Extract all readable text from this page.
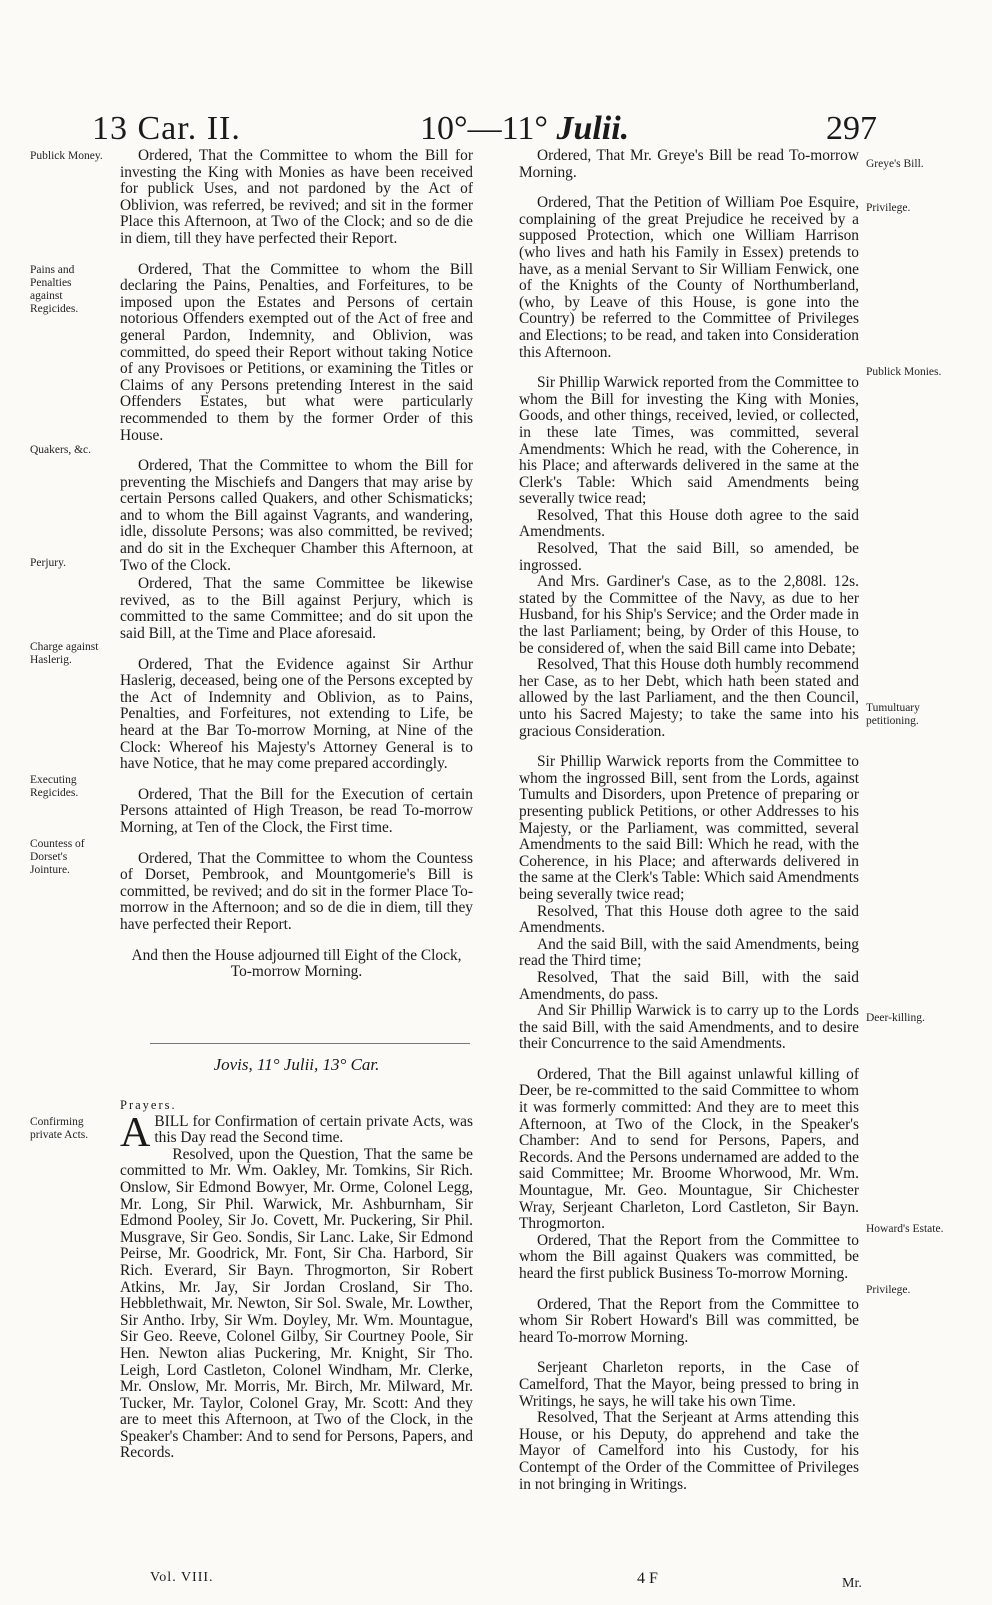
13 Car. II.	10°—11° Julii.	297
Publick Money.
Pains and Penalties against Regicides.
Quakers, &c.
Perjury.
Charge against Haslerig.
Executing Regicides.
Countess of Dorset's Jointure.
Confirming private Acts.

Ordered, That the Committee to whom the Bill for investing the King with Monies as have been received for publick Uses, and not pardoned by the Act of Oblivion, was referred, be revived; and sit in the former Place this Afternoon, at Two of the Clock; and so de die in diem, till they have perfected their Report.

Ordered, That the Committee to whom the Bill declaring the Pains, Penalties, and Forfeitures, to be imposed upon the Estates and Persons of certain notorious Offenders exempted out of the Act of free and general Pardon, Indemnity, and Oblivion, was committed, do speed their Report without taking Notice of any Provisoes or Petitions, or examining the Titles or Claims of any Persons pretending Interest in the said Offenders Estates, but what were particularly recommended to them by the former Order of this House.

Ordered, That the Committee to whom the Bill for preventing the Mischiefs and Dangers that may arise by certain Persons called Quakers, and other Schismaticks; and to whom the Bill against Vagrants, and wandering, idle, dissolute Persons; was also committed, be revived; and do sit in the Exchequer Chamber this Afternoon, at Two of the Clock.

Ordered, That the same Committee be likewise revived, as to the Bill against Perjury, which is committed to the same Committee; and do sit upon the said Bill, at the Time and Place aforesaid.

Ordered, That the Evidence against Sir Arthur Haslerig, deceased, being one of the Persons excepted by the Act of Indemnity and Oblivion, as to Pains, Penalties, and Forfeitures, not extending to Life, be heard at the Bar To-morrow Morning, at Nine of the Clock: Whereof his Majesty's Attorney General is to have Notice, that he may come prepared accordingly.

Ordered, That the Bill for the Execution of certain Persons attainted of High Treason, be read To-morrow Morning, at Ten of the Clock, the First time.

Ordered, That the Committee to whom the Countess of Dorset, Pembrook, and Mountgomerie's Bill is committed, be revived; and do sit in the former Place To-morrow in the Afternoon; and so de die in diem, till they have perfected their Report.

And then the House adjourned till Eight of the Clock, To-morrow Morning.

Jovis, 11° Julii, 13° Car.

Prayers.

ABILL for Confirmation of certain private Acts, was this Day read the Second time.

Resolved, upon the Question, That the same be committed to Mr. Wm. Oakley, Mr. Tomkins, Sir Rich. Onslow, Sir Edmond Bowyer, Mr. Orme, Colonel Legg, Mr. Long, Sir Phil. Warwick, Mr. Ashburnham, Sir Edmond Pooley, Sir Jo. Covett, Mr. Puckering, Sir Phil. Musgrave, Sir Geo. Sondis, Sir Lanc. Lake, Sir Edmond Peirse, Mr. Goodrick, Mr. Font, Sir Cha. Harbord, Sir Rich. Everard, Sir Bayn. Throgmorton, Sir Robert Atkins, Mr. Jay, Sir Jordan Crosland, Sir Tho. Hebblethwait, Mr. Newton, Sir Sol. Swale, Mr. Lowther, Sir Antho. Irby, Sir Wm. Doyley, Mr. Wm. Mountague, Sir Geo. Reeve, Colonel Gilby, Sir Courtney Poole, Sir Hen. Newton alias Puckering, Mr. Knight, Sir Tho. Leigh, Lord Castleton, Colonel Windham, Mr. Clerke, Mr. Onslow, Mr. Morris, Mr. Birch, Mr. Milward, Mr. Tucker, Mr. Taylor, Colonel Gray, Mr. Scott: And they are to meet this Afternoon, at Two of the Clock, in the Speaker's Chamber: And to send for Persons, Papers, and Records.

Ordered, That Mr. Greye's Bill be read To-morrow Morning.

Ordered, That the Petition of William Poe Esquire, complaining of the great Prejudice he received by a supposed Protection, which one William Harrison (who lives and hath his Family in Essex) pretends to have, as a menial Servant to Sir William Fenwick, one of the Knights of the County of Northumberland, (who, by Leave of this House, is gone into the Country) be referred to the Committee of Privileges and Elections; to be read, and taken into Consideration this Afternoon.

Sir Phillip Warwick reported from the Committee to whom the Bill for investing the King with Monies, Goods, and other things, received, levied, or collected, in these late Times, was committed, several Amendments: Which he read, with the Coherence, in his Place; and afterwards delivered in the same at the Clerk's Table: Which said Amendments being severally twice read;

Resolved, That this House doth agree to the said Amendments.

Resolved, That the said Bill, so amended, be ingrossed.

And Mrs. Gardiner's Case, as to the 2,808l. 12s. stated by the Committee of the Navy, as due to her Husband, for his Ship's Service; and the Order made in the last Parliament; being, by Order of this House, to be considered of, when the said Bill came into Debate;

Resolved, That this House doth humbly recommend her Case, as to her Debt, which hath been stated and allowed by the last Parliament, and the then Council, unto his Sacred Majesty; to take the same into his gracious Consideration.

Sir Phillip Warwick reports from the Committee to whom the ingrossed Bill, sent from the Lords, against Tumults and Disorders, upon Pretence of preparing or presenting publick Petitions, or other Addresses to his Majesty, or the Parliament, was committed, several Amendments to the said Bill: Which he read, with the Coherence, in his Place; and afterwards delivered in the same at the Clerk's Table: Which said Amendments being severally twice read;

Resolved, That this House doth agree to the said Amendments.

And the said Bill, with the said Amendments, being read the Third time;

Resolved, That the said Bill, with the said Amendments, do pass.

And Sir Phillip Warwick is to carry up to the Lords the said Bill, with the said Amendments, and to desire their Concurrence to the said Amendments.

Ordered, That the Bill against unlawful killing of Deer, be re-committed to the said Committee to whom it was formerly committed: And they are to meet this Afternoon, at Two of the Clock, in the Speaker's Chamber: And to send for Persons, Papers, and Records. And the Persons undernamed are added to the said Committee; Mr. Broome Whorwood, Mr. Wm. Mountague, Mr. Geo. Mountague, Sir Chichester Wray, Serjeant Charleton, Lord Castleton, Sir Bayn. Throgmorton.

Ordered, That the Report from the Committee to whom the Bill against Quakers was committed, be heard the first publick Business To-morrow Morning.

Ordered, That the Report from the Committee to whom Sir Robert Howard's Bill was committed, be heard To-morrow Morning.

Serjeant Charleton reports, in the Case of Camelford, That the Mayor, being pressed to bring in Writings, he says, he will take his own Time.

Resolved, That the Serjeant at Arms attending this House, or his Deputy, do apprehend and take the Mayor of Camelford into his Custody, for his Contempt of the Order of the Committee of Privileges in not bringing in Writings.

Greye's Bill.
Privilege.
Publick Monies.
Tumultuary petitioning.
Deer-killing.
Howard's Estate.
Privilege.
Vol. VIII.	4 F	Mr.
